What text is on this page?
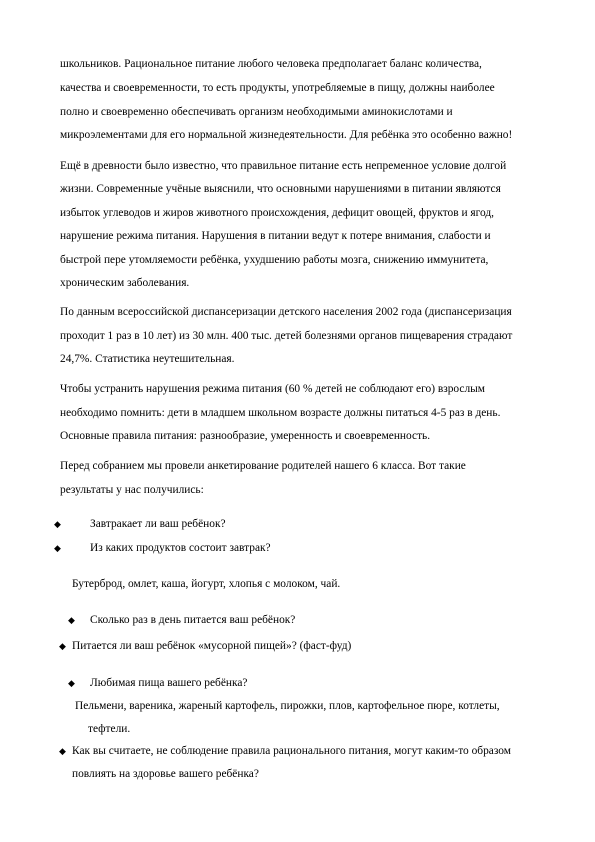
школьников. Рациональное питание любого человека предполагает баланс количества,
качества и своевременности, то есть продукты, употребляемые в пищу, должны наиболее
полно и своевременно обеспечивать организм необходимыми аминокислотами и
микроэлементами для его нормальной жизнедеятельности. Для ребёнка это особенно важно!
Ещё в древности было известно, что правильное питание есть непременное условие долгой
жизни. Современные учёные выяснили, что основными нарушениями в питании являются
избыток углеводов и жиров животного происхождения, дефицит овощей, фруктов и ягод,
нарушение режима питания. Нарушения в питании ведут к потере внимания, слабости и
быстрой пере утомляемости ребёнка, ухудшению работы мозга, снижению иммунитета,
хроническим заболевания.
По данным всероссийской диспансеризации детского населения 2002 года (диспансеризация
проходит 1 раз в 10 лет) из 30 млн. 400 тыс. детей болезнями органов пищеварения страдают
24,7%. Статистика неутешительная.
Чтобы устранить нарушения режима питания (60 % детей не соблюдают его) взрослым
необходимо помнить: дети в младшем школьном возрасте должны питаться 4-5 раз в день.
Основные правила питания: разнообразие, умеренность и своевременность.
Перед собранием мы провели анкетирование родителей нашего 6 класса. Вот такие
результаты у нас получились:
◆	Завтракает ли ваш ребёнок?
◆	Из каких продуктов состоит завтрак?
Бутерброд, омлет, каша, йогурт, хлопья с молоком, чай.
◆ Сколько раз в день питается ваш ребёнок?
◆ Питается ли ваш ребёнок «мусорной пищей»? (фаст-фуд)
◆ Любимая пища вашего ребёнка?
Пельмени, вареника, жареный картофель, пирожки, плов, картофельное пюре, котлеты,
тефтели.
◆ Как вы считаете, не соблюдение правила рационального питания, могут каким-то образом
повлиять на здоровье вашего ребёнка?
